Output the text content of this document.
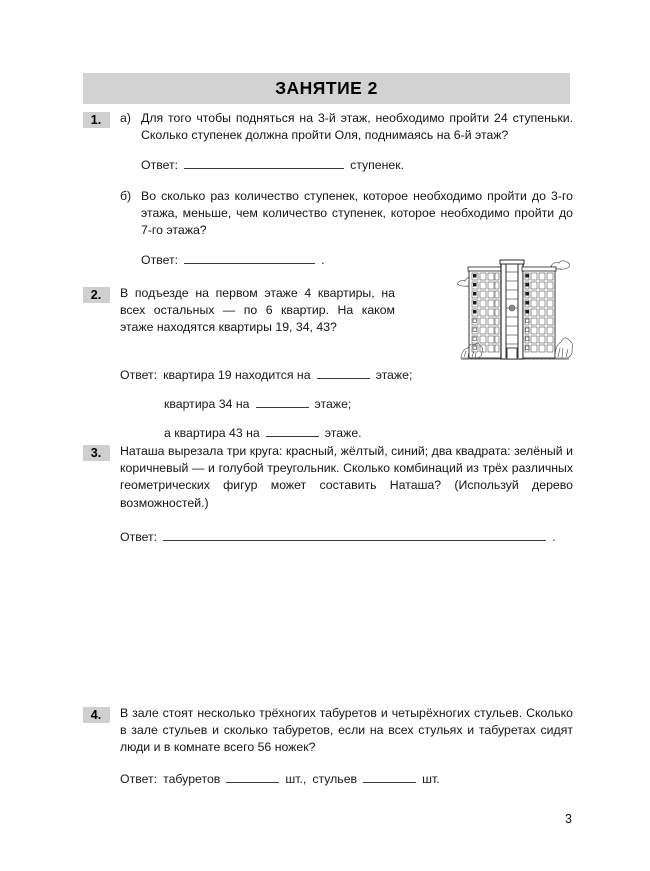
ЗАНЯТИЕ 2
1.	а) Для того чтобы подняться на 3-й этаж, необходимо пройти 24 ступеньки. Сколько ступенек должна пройти Оля, поднимаясь на 6-й этаж?
Ответ:	ступенек.
б) Во сколько раз количество ступенек, которое необходимо пройти до 3-го этажа, меньше, чем количество ступенек, которое необходимо пройти до 7-го этажа?
Ответ:	.
2.	В подъезде на первом этаже 4 квартиры, на всех остальных — по 6 квартир. На каком этаже находятся квартиры 19, 34, 43?
Ответ: квартира 19 находится на	этаже;
квартира 34 на	этаже;
а квартира 43 на	этаже.
3.	Наташа вырезала три круга: красный, жёлтый, синий; два квадрата: зелёный и коричневый — и голубой треугольник. Сколько комбинаций из трёх различных геометрических фигур может составить Наташа? (Используй дерево возможностей.)
Ответ:	.
4.	В зале стоят несколько трёхногих табуретов и четырёхногих стульев. Сколько в зале стульев и сколько табуретов, если на всех стульях и табуретах сидят люди и в комнате всего 56 ножек?
Ответ: табуретов	шт., стульев	шт.
3
